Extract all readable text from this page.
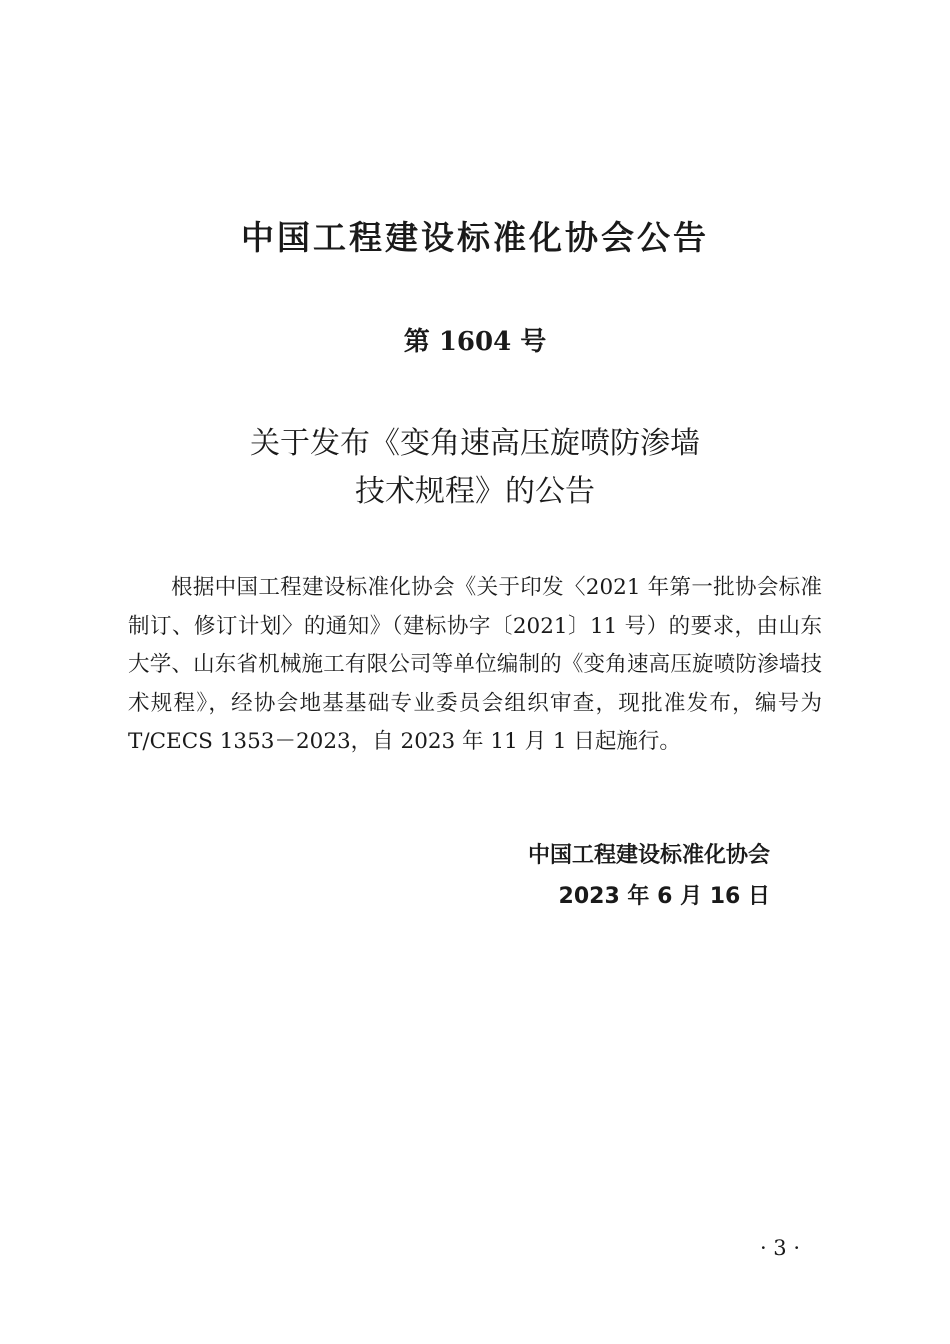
中国工程建设标准化协会公告
第 1604 号
关于发布《变角速高压旋喷防渗墙
技术规程》的公告

根据中国工程建设标准化协会《关于印发〈2021 年第一批协会标准制订、修订计划〉的通知》（建标协字〔2021〕11 号）的要求，由山东大学、山东省机械施工有限公司等单位编制的《变角速高压旋喷防渗墙技术规程》，经协会地基基础专业委员会组织审查，现批准发布，编号为 T/CECS 1353－2023，自 2023 年 11 月 1 日起施行。

中国工程建设标准化协会
2023 年 6 月 16 日
· 3 ·
